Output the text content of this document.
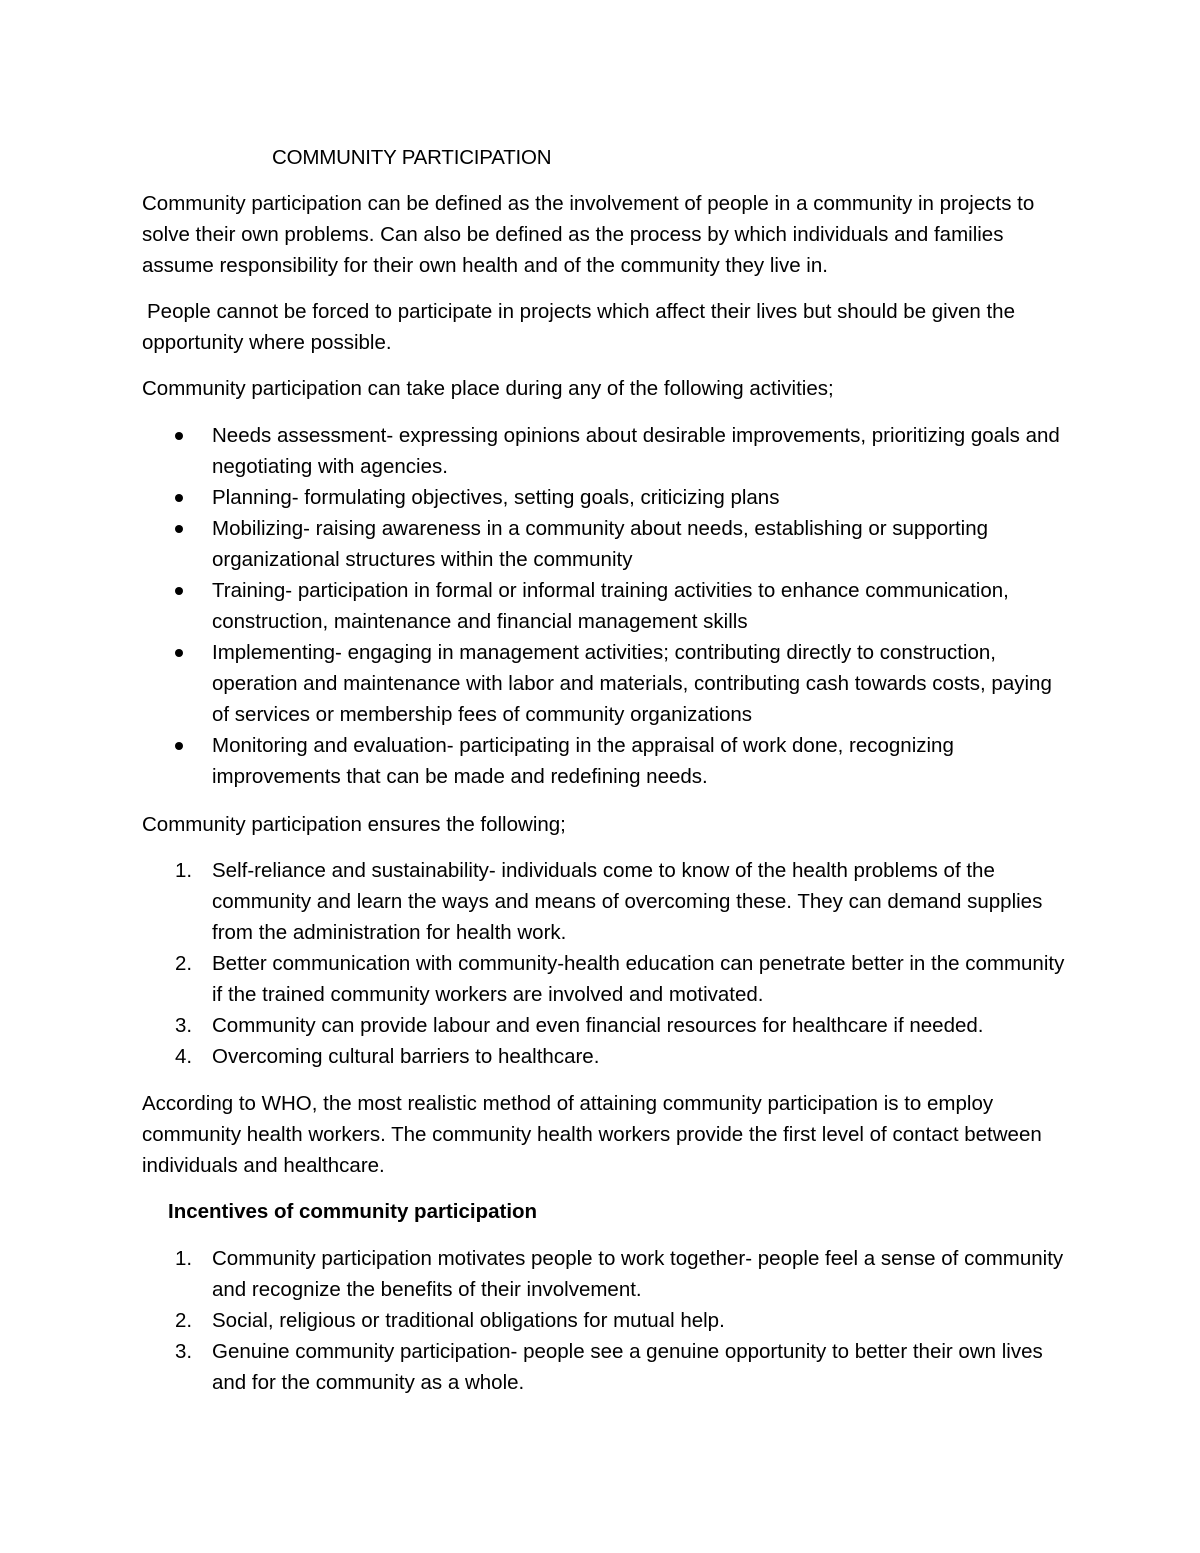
COMMUNITY PARTICIPATION

Community participation can be defined as the involvement of people in a community in projects to solve their own problems. Can also be defined as the process by which individuals and families assume responsibility for their own health and of the community they live in.

People cannot be forced to participate in projects which affect their lives but should be given the opportunity where possible.

Community participation can take place during any of the following activities;

Needs assessment- expressing opinions about desirable improvements, prioritizing goals and negotiating with agencies.
Planning- formulating objectives, setting goals, criticizing plans
Mobilizing- raising awareness in a community about needs, establishing or supporting organizational structures within the community
Training- participation in formal or informal training activities to enhance communication, construction, maintenance and financial management skills
Implementing- engaging in management activities; contributing directly to construction, operation and maintenance with labor and materials, contributing cash towards costs, paying of services or membership fees of community organizations
Monitoring and evaluation- participating in the appraisal of work done, recognizing improvements that can be made and redefining needs.

Community participation ensures the following;

1. Self-reliance and sustainability- individuals come to know of the health problems of the community and learn the ways and means of overcoming these. They can demand supplies from the administration for health work.
2. Better communication with community-health education can penetrate better in the community if the trained community workers are involved and motivated.
3. Community can provide labour and even financial resources for healthcare if needed.
4. Overcoming cultural barriers to healthcare.

According to WHO, the most realistic method of attaining community participation is to employ community health workers. The community health workers provide the first level of contact between individuals and healthcare.

Incentives of community participation
1. Community participation motivates people to work together- people feel a sense of community and recognize the benefits of their involvement.
2. Social, religious or traditional obligations for mutual help.
3. Genuine community participation- people see a genuine opportunity to better their own lives and for the community as a whole.
